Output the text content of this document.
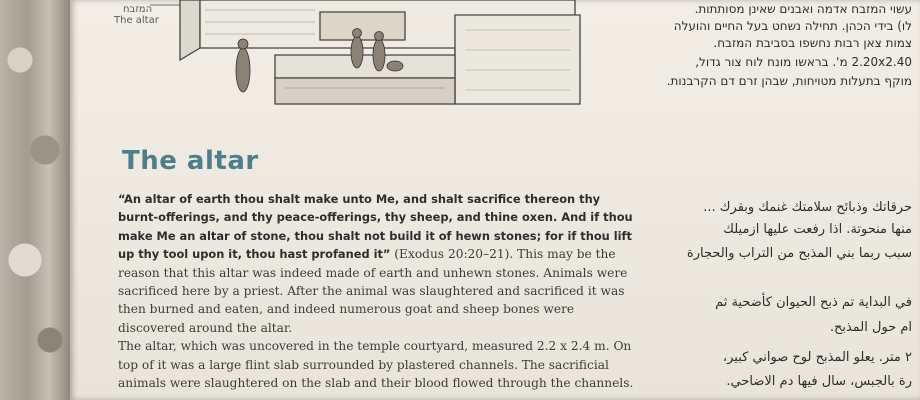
המזבח
The altar
עשוי המזבח אדמה ואבנים שאינן מסותתות.
לו) בידי הכהן. תחילה נשחט בעל החיים והועלה
צמות צאן רבות נחשפו בסביבת המזבח.
2.20x2.40 מ'. בראשו מונח לוח צור גדול,
מוקף בתעלות מטויחות, שבהן זרם דם הקרבנות.
The altar
“An altar of earth thou shalt make unto Me, and shalt sacrifice thereon thy burnt-offerings, and thy peace-offerings, thy sheep, and thine oxen. And if thou make Me an altar of stone, thou shalt not build it of hewn stones; for if thou lift up thy tool upon it, thou hast profaned it” (Exodus 20:20–21). This may be the reason that this altar was indeed made of earth and unhewn stones. Animals were sacrificed here by a priest. After the animal was slaughtered and sacrificed it was then burned and eaten, and indeed numerous goat and sheep bones were discovered around the altar.
The altar, which was uncovered in the temple courtyard, measured 2.2 x 2.4 m. On top of it was a large flint slab surrounded by plastered channels. The sacrificial animals were slaughtered on the slab and their blood flowed through the channels.
حرقاتك وذبائح سلامتك غنمك وبقرك ...
منها منحوتة. اذا رفعت عليها ازميلك
سبب ربما بني المذبح من التراب والحجارة
في البداية تم ذبح الحيوان كأضحية ثم
ام حول المذبح.
٢ متر. يعلو المذبح لوح صواني كبير،
رة بالجبس، سال فيها دم الاضاحي.
